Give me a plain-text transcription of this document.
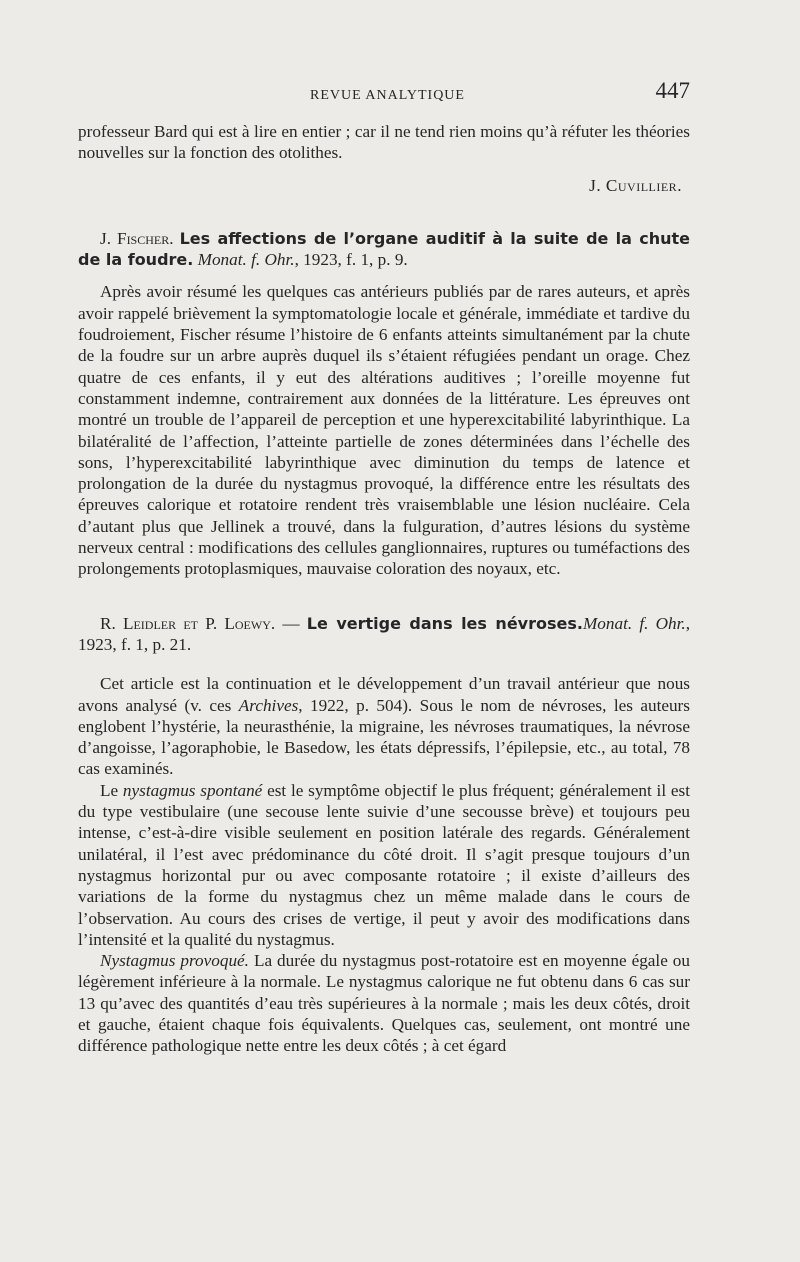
REVUE ANALYTIQUE	447

professeur Bard qui est à lire en entier ; car il ne tend rien moins qu’à réfuter les théories nouvelles sur la fonction des otolithes.

J. Cuvillier.

J. Fischer. Les affections de l’organe auditif à la suite de la chute de la foudre. Monat. f. Ohr., 1923, f. 1, p. 9.

Après avoir résumé les quelques cas antérieurs publiés par de rares auteurs, et après avoir rappelé brièvement la symptomatologie locale et générale, immédiate et tardive du foudroiement, Fischer résume l’histoire de 6 enfants atteints simultanément par la chute de la foudre sur un arbre auprès duquel ils s’étaient réfugiées pendant un orage. Chez quatre de ces enfants, il y eut des altérations auditives ; l’oreille moyenne fut constamment indemne, contrairement aux données de la littérature. Les épreuves ont montré un trouble de l’appareil de perception et une hyperexcitabilité labyrinthique. La bilatéralité de l’affection, l’atteinte partielle de zones déterminées dans l’échelle des sons, l’hyperexcitabilité labyrinthique avec diminution du temps de latence et prolongation de la durée du nystagmus provoqué, la différence entre les résultats des épreuves calorique et rotatoire rendent très vraisemblable une lésion nucléaire. Cela d’autant plus que Jellinek a trouvé, dans la fulguration, d’autres lésions du système nerveux central : modifications des cellules ganglionnaires, ruptures ou tuméfactions des prolongements protoplasmiques, mauvaise coloration des noyaux, etc.

R. Leidler et P. Loewy. — Le vertige dans les névroses.Monat. f. Ohr., 1923, f. 1, p. 21.

Cet article est la continuation et le développement d’un travail antérieur que nous avons analysé (v. ces Archives, 1922, p. 504). Sous le nom de névroses, les auteurs englobent l’hystérie, la neurasthénie, la migraine, les névroses traumatiques, la névrose d’angoisse, l’agoraphobie, le Basedow, les états dépressifs, l’épilepsie, etc., au total, 78 cas examinés.

Le nystagmus spontané est le symptôme objectif le plus fréquent; généralement il est du type vestibulaire (une secouse lente suivie d’une secousse brève) et toujours peu intense, c’est-à-dire visible seulement en position latérale des regards. Généralement unilatéral, il l’est avec prédominance du côté droit. Il s’agit presque toujours d’un nystagmus horizontal pur ou avec composante rotatoire ; il existe d’ailleurs des variations de la forme du nystagmus chez un même malade dans le cours de l’observation. Au cours des crises de vertige, il peut y avoir des modifications dans l’intensité et la qualité du nystagmus.

Nystagmus provoqué. La durée du nystagmus post-rotatoire est en moyenne égale ou légèrement inférieure à la normale. Le nystagmus calorique ne fut obtenu dans 6 cas sur 13 qu’avec des quantités d’eau très supérieures à la normale ; mais les deux côtés, droit et gauche, étaient chaque fois équivalents. Quelques cas, seulement, ont montré une différence pathologique nette entre les deux côtés ; à cet égard
